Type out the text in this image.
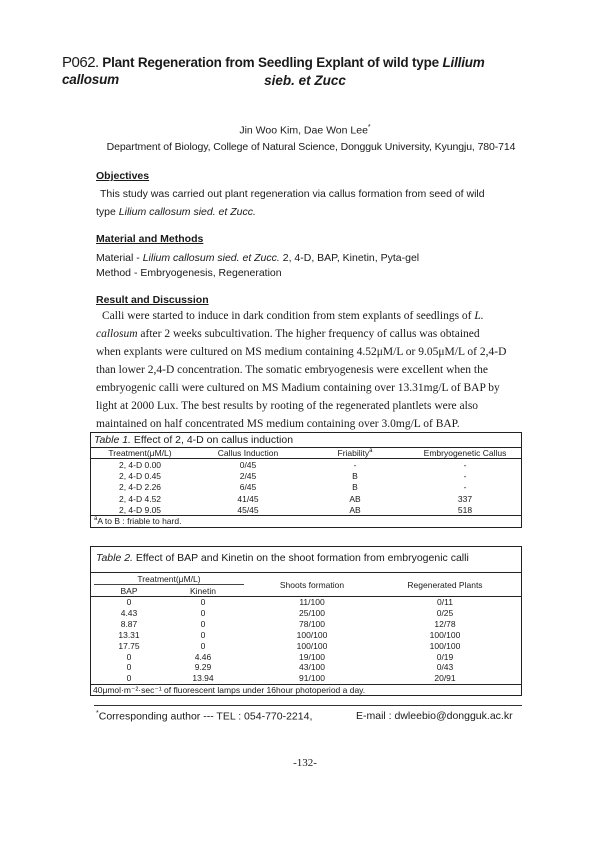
P062. Plant Regeneration from Seedling Explant of wild type Lillium callosum	sieb. et Zucc
Jin Woo Kim, Dae Won Lee*
Department of Biology, College of Natural Science, Dongguk University, Kyungju, 780-714
Objectives
This study was carried out plant regeneration via callus formation from seed of wild
type Lilium callosum sied. et Zucc.
Material and Methods
Material - Lilium callosum sied. et Zucc. 2, 4-D, BAP, Kinetin, Pyta-gel
Method - Embryogenesis, Regeneration
Result and Discussion
Calli were started to induce in dark condition from stem explants of seedlings of L.
callosum after 2 weeks subcultivation. The higher frequency of callus was obtained
when explants were cultured on MS medium containing 4.52μM/L or 9.05μM/L of 2,4-D
than lower 2,4-D concentration. The somatic embryogenesis were excellent when the
embryogenic calli were cultured on MS Madium containing over 13.31mg/L of BAP by
light at 2000 Lux. The best results by rooting of the regenerated plantlets were also
maintained on half concentrated MS medium containing over 3.0mg/L of BAP.
Table 1. Effect of 2, 4-D on callus induction
Treatment(μM/L)	Callus Induction	Friability$^a$	Embryogenetic Callus
2, 4-D 0.00	0/45	-	-
2, 4-D 0.45	2/45	B	-
2, 4-D 2.26	6/45	B	-
2, 4-D 4.52	41/45	AB	337
2, 4-D 9.05	45/45	AB	518
$^a$A to B : friable to hard.
Table 2. Effect of BAP and Kinetin on the shoot formation from embryogenic calli
Treatment(μM/L)
BAP	Kinetin
Shoots formation	Regenerated Plants
0	0	11/100	0/11
4.43	0	25/100	0/25
8.87	0	78/100	12/78
13.31	0	100/100	100/100
17.75	0	100/100	100/100
0	4.46	19/100	0/19
0	9.29	43/100	0/43
0	13.94	91/100	20/91
40μmol·m⁻²·sec⁻¹ of fluorescent lamps under 16hour photoperiod a day.
*Corresponding author --- TEL : 054-770-2214,	E-mail : dwleebio@dongguk.ac.kr
-132-
